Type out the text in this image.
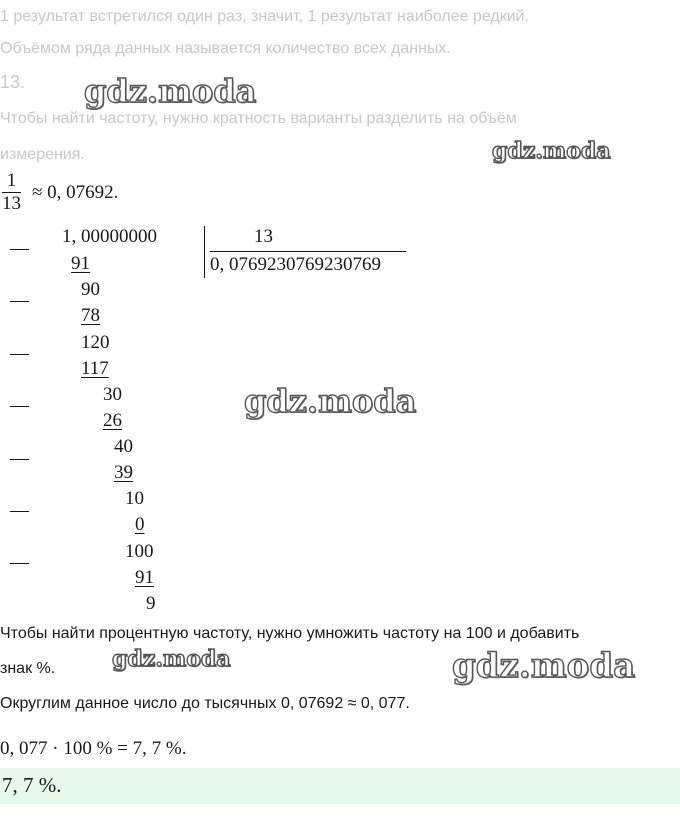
1 результат встретился один раз, значит, 1 результат наиболее редкий.
Объёмом ряда данных называется количество всех данных.
13.
Чтобы найти частоту, нужно кратность варианты разделить на объём
измерения.
$\frac{1}{13} \approx 0$, 07692.
1, 00000000	13
0, 0769230769230769
—
—
—
—
—
—
—
91
90
78
120
117
30
26
40
39
10
0
100
91
9
Чтобы найти процентную частоту, нужно умножить частоту на 100 и добавить
знак %.
Округлим данное число до тысячных 0, 07692 ≈ 0, 077.
0, 077 · 100 % = 7, 7 %.
7, 7 %.
gdz.moda
gdz.moda
gdz.moda
gdz.moda	gdz.moda
